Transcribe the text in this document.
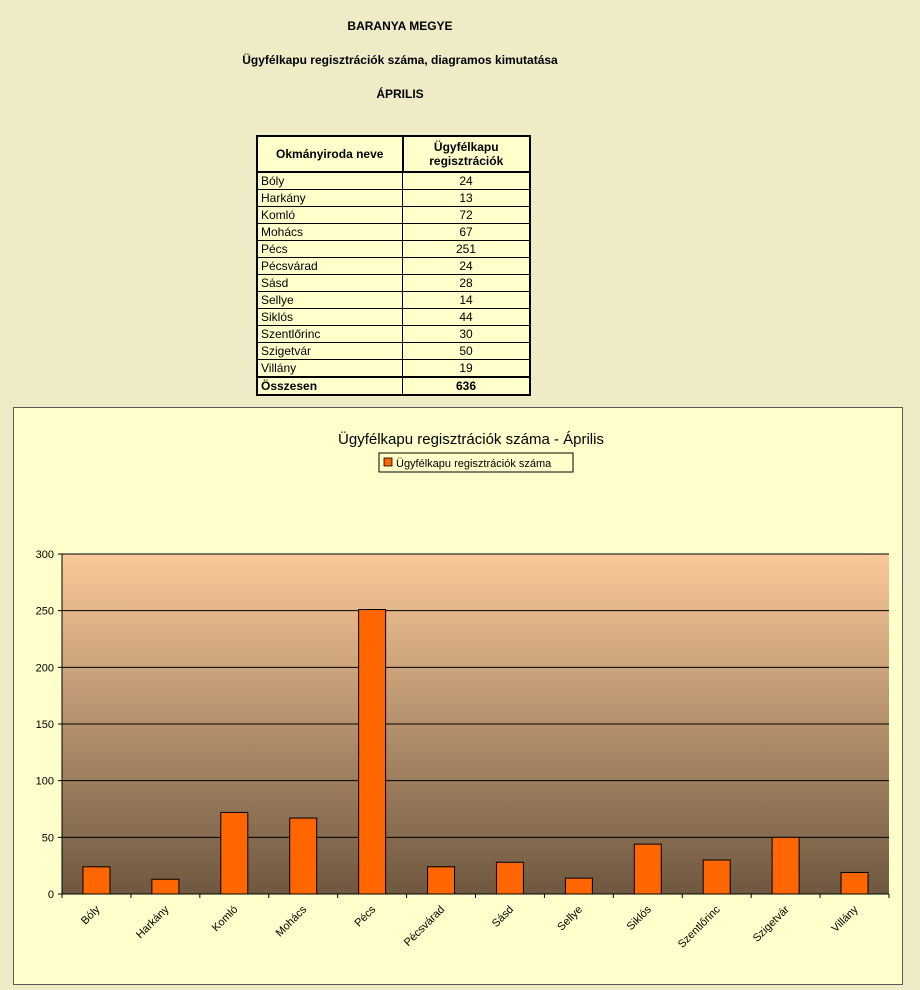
BARANYA MEGYE
Ügyfélkapu regisztrációk száma, diagramos kimutatása
ÁPRILIS
Okmányiroda neve	Ügyfélkapu
regisztrációk
Bóly	24
Harkány	13
Komló	72
Mohács	67
Pécs	251
Pécsvárad	24
Sásd	28
Sellye	14
Siklós	44
Szentlőrinc	30
Szigetvár	50
Villány	19
Összesen	636
Ügyfélkapu regisztrációk száma - Április
Ügyfélkapu regisztrációk száma
0
50
100
150
200
250
300
Bóly	Harkány	Komló	Mohács	Pécs Pécsvárad	Sásd	Sellye	Siklós Szentlőrinc	Szigetvár	Villány
